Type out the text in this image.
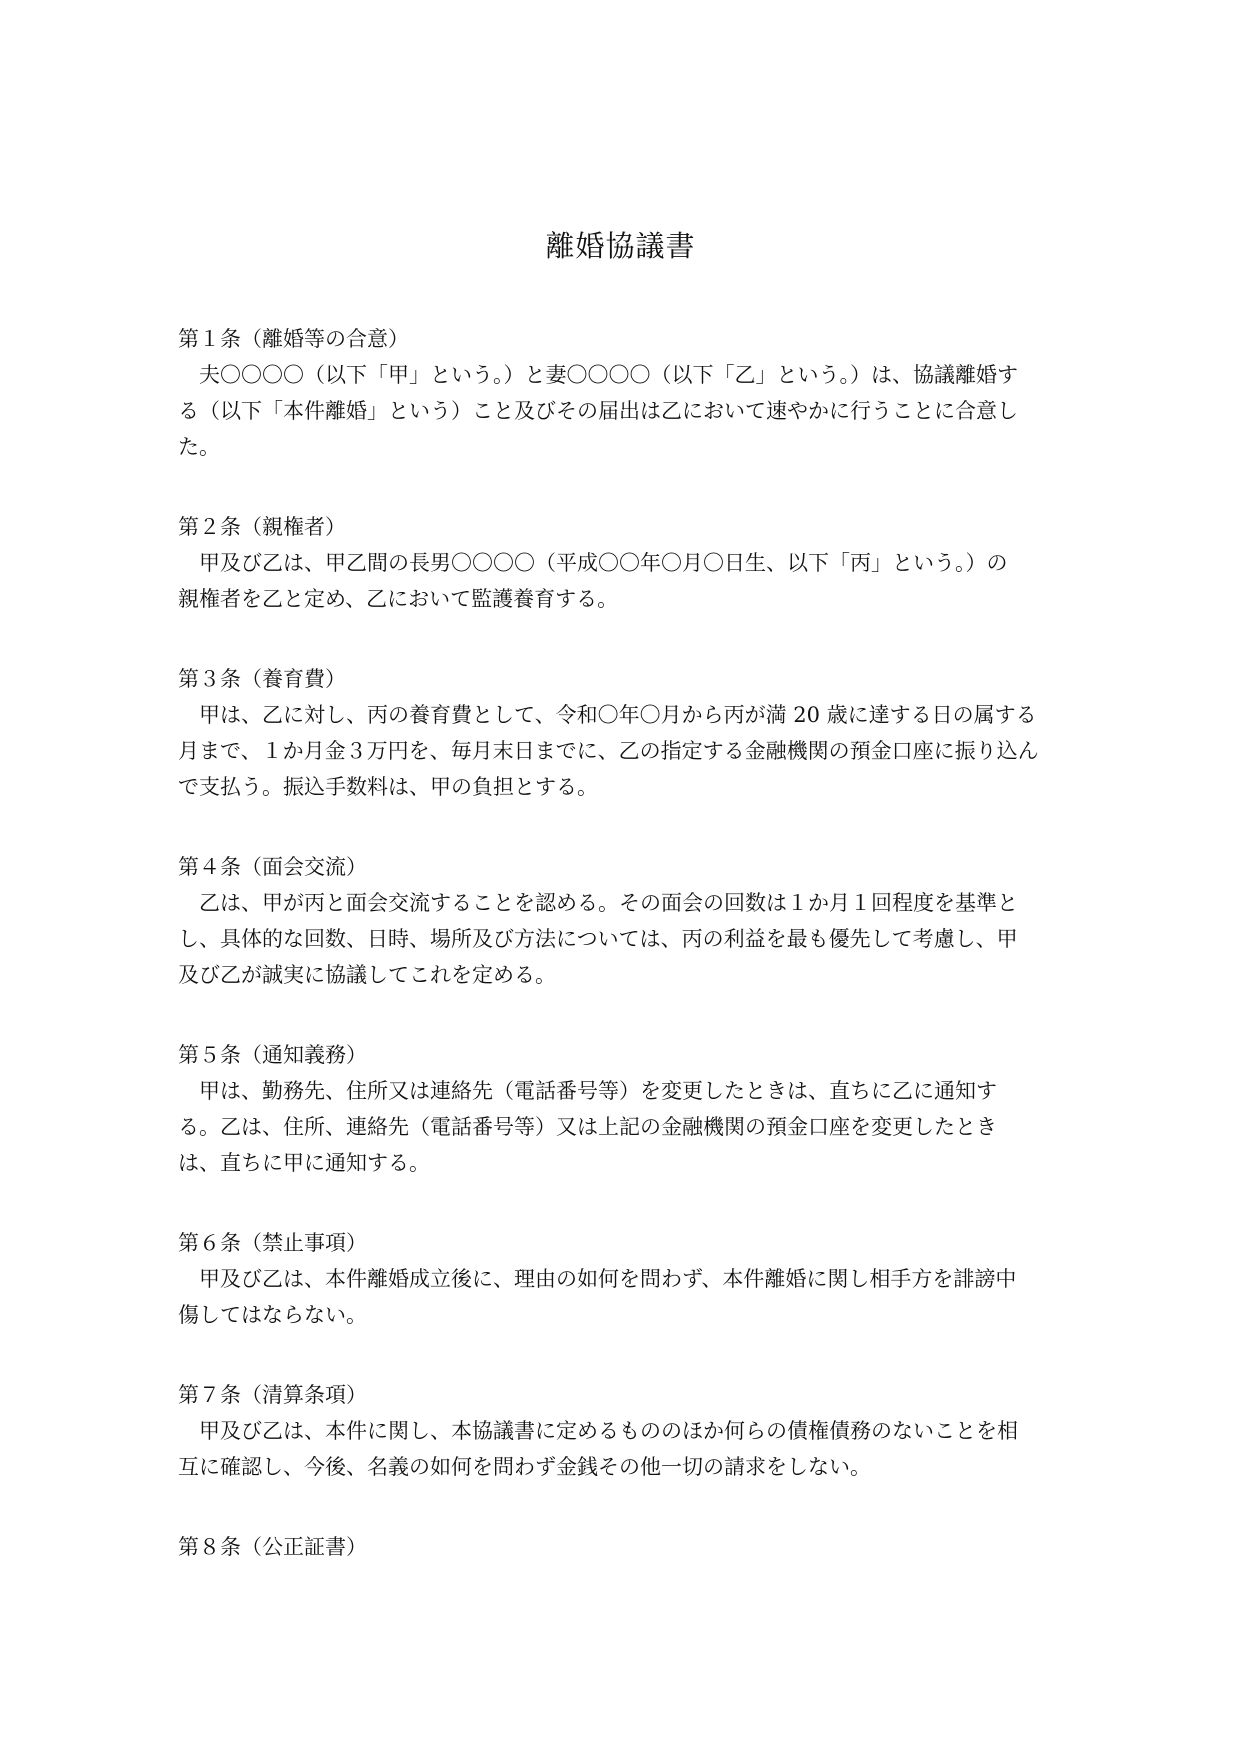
離婚協議書
第１条（離婚等の合意）
夫〇〇〇〇（以下「甲」という。）と妻〇〇〇〇（以下「乙」という。）は、協議離婚す
る（以下「本件離婚」という）こと及びその届出は乙において速やかに行うことに合意し
た。
第２条（親権者）
甲及び乙は、甲乙間の長男〇〇〇〇（平成〇〇年〇月〇日生、以下「丙」という。）の
親権者を乙と定め、乙において監護養育する。
第３条（養育費）
甲は、乙に対し、丙の養育費として、令和〇年〇月から丙が満 20 歳に達する日の属する
月まで、１か月金３万円を、毎月末日までに、乙の指定する金融機関の預金口座に振り込ん
で支払う。振込手数料は、甲の負担とする。
第４条（面会交流）
乙は、甲が丙と面会交流することを認める。その面会の回数は１か月１回程度を基準と
し、具体的な回数、日時、場所及び方法については、丙の利益を最も優先して考慮し、甲
及び乙が誠実に協議してこれを定める。
第５条（通知義務）
甲は、勤務先、住所又は連絡先（電話番号等）を変更したときは、直ちに乙に通知す
る。乙は、住所、連絡先（電話番号等）又は上記の金融機関の預金口座を変更したとき
は、直ちに甲に通知する。
第６条（禁止事項）
甲及び乙は、本件離婚成立後に、理由の如何を問わず、本件離婚に関し相手方を誹謗中
傷してはならない。
第７条（清算条項）
甲及び乙は、本件に関し、本協議書に定めるもののほか何らの債権債務のないことを相
互に確認し、今後、名義の如何を問わず金銭その他一切の請求をしない。
第８条（公正証書）
